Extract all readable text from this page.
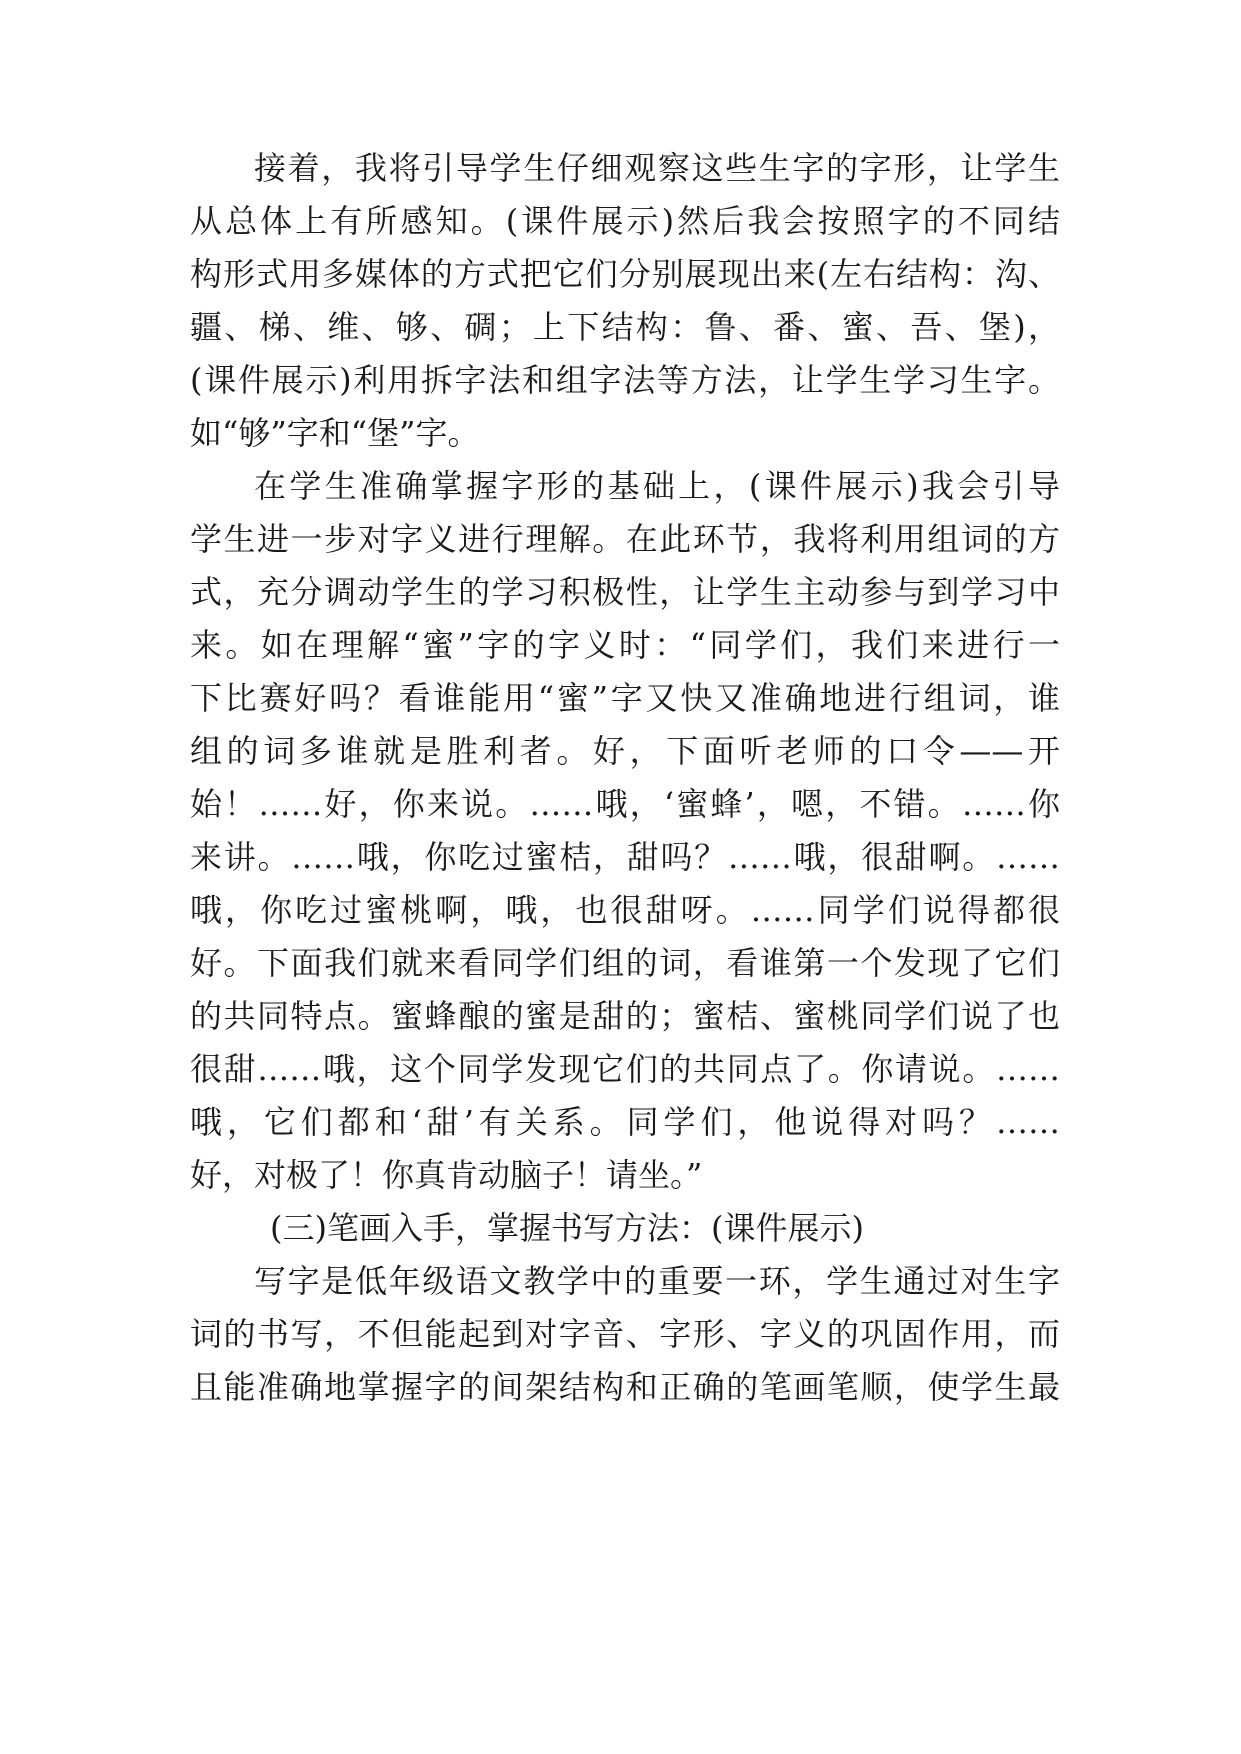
接着，我将引导学生仔细观察这些生字的字形，让学生

从总体上有所感知。(课件展示)然后我会按照字的不同结

构形式用多媒体的方式把它们分别展现出来(左右结构：沟、

疆、梯、维、够、碉；上下结构：鲁、番、蜜、吾、堡)，

(课件展示)利用拆字法和组字法等方法，让学生学习生字。

如“够”字和“堡”字。

在学生准确掌握字形的基础上，(课件展示)我会引导

学生进一步对字义进行理解。在此环节，我将利用组词的方

式，充分调动学生的学习积极性，让学生主动参与到学习中

来。如在理解“蜜”字的字义时：“同学们，我们来进行一

下比赛好吗？看谁能用“蜜”字又快又准确地进行组词，谁

组的词多谁就是胜利者。好，下面听老师的口令——开

始！……好，你来说。……哦，‘蜜蜂’，嗯，不错。……你

来讲。……哦，你吃过蜜桔，甜吗？……哦，很甜啊。……

哦，你吃过蜜桃啊，哦，也很甜呀。……同学们说得都很

好。下面我们就来看同学们组的词，看谁第一个发现了它们

的共同特点。蜜蜂酿的蜜是甜的；蜜桔、蜜桃同学们说了也

很甜……哦，这个同学发现它们的共同点了。你请说。……

哦，它们都和‘甜’有关系。同学们，他说得对吗？……

好，对极了！你真肯动脑子！请坐。”

(三)笔画入手，掌握书写方法：(课件展示)

写字是低年级语文教学中的重要一环，学生通过对生字

词的书写，不但能起到对字音、字形、字义的巩固作用，而

且能准确地掌握字的间架结构和正确的笔画笔顺，使学生最
